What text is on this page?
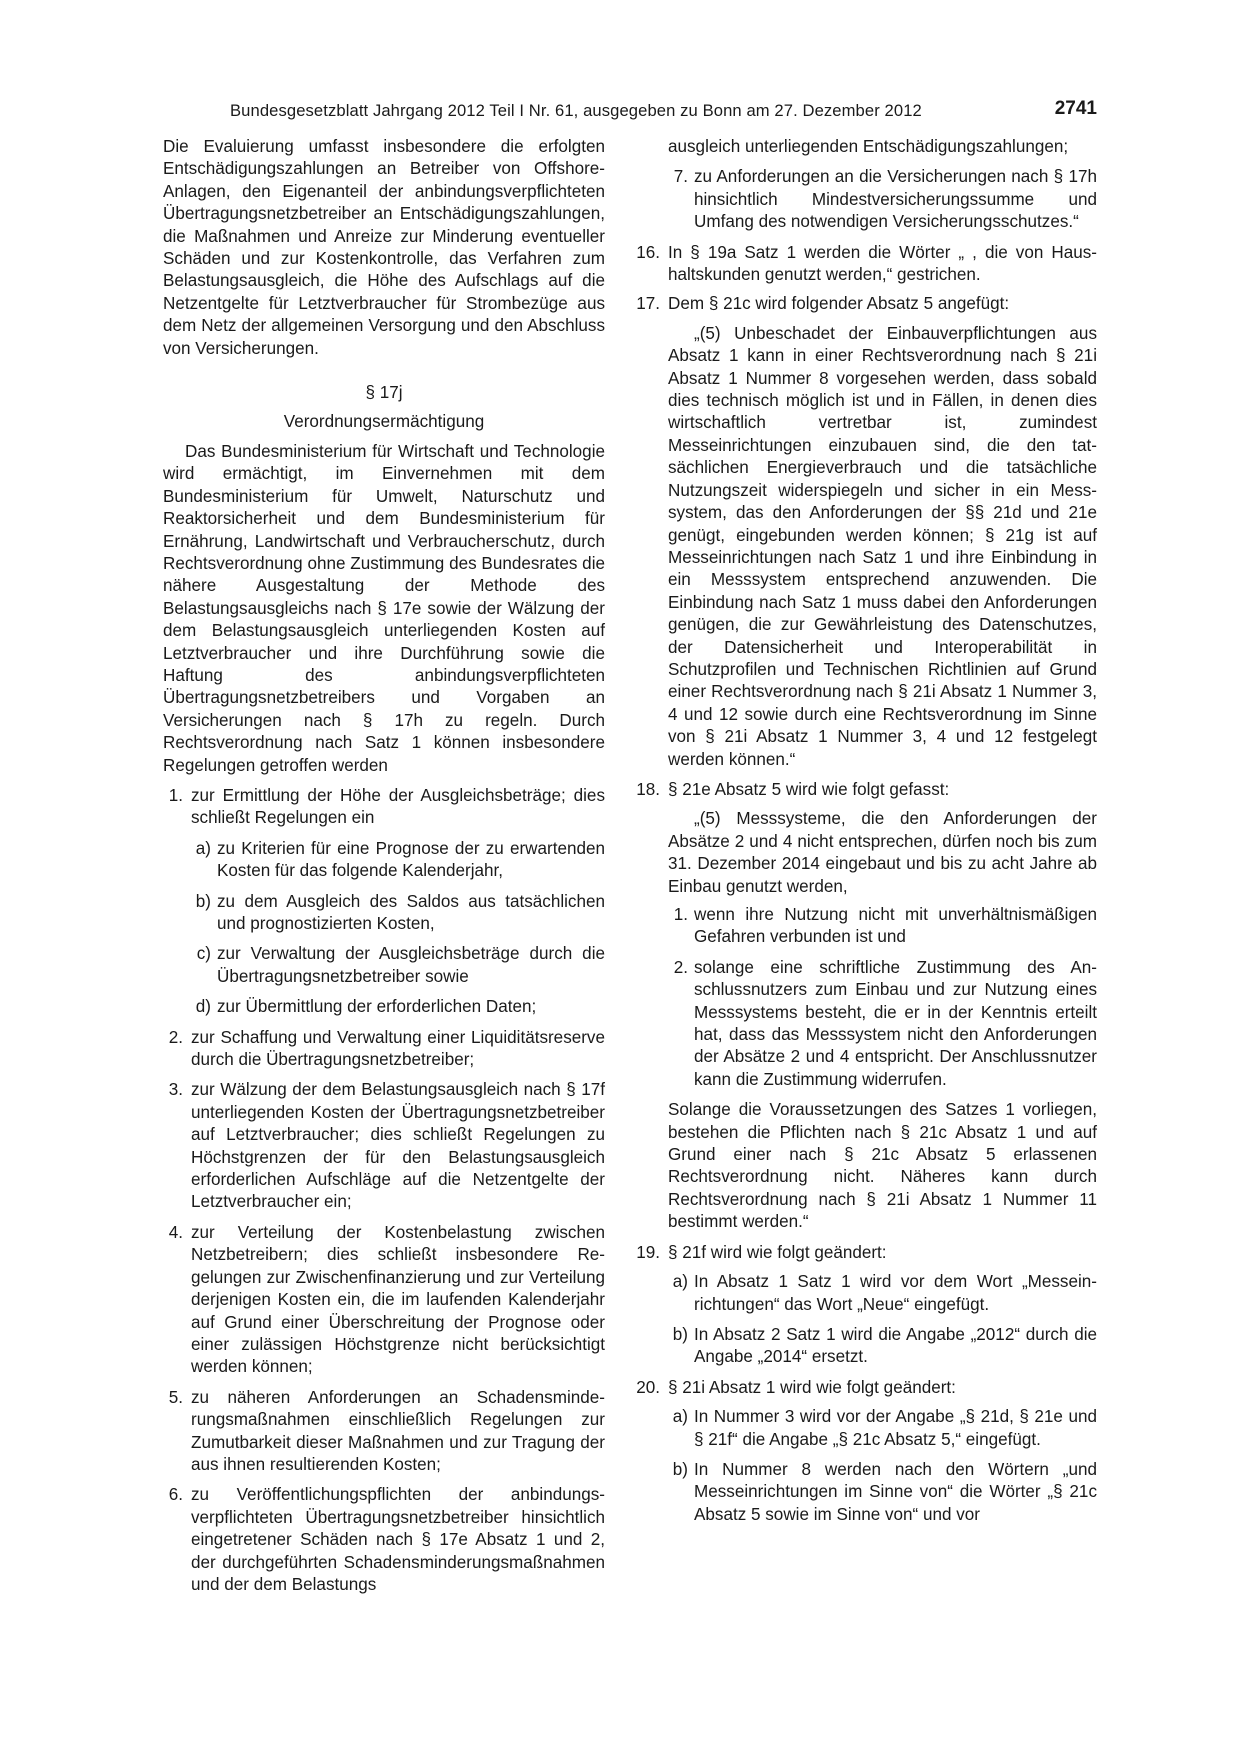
Bundesgesetzblatt Jahrgang 2012 Teil I Nr. 61, ausgegeben zu Bonn am 27. Dezember 2012	2741

Die Evaluierung umfasst insbesondere die erfolgten Entschädigungszahlungen an Betreiber von Offshore-Anlagen, den Eigenanteil der anbindungsverpflichteten Übertragungsnetzbetreiber an Entschädigungszahlungen, die Maßnahmen und Anreize zur Minderung eventueller Schäden und zur Kostenkontrolle, das Verfahren zum Belastungsausgleich, die Höhe des Aufschlags auf die Netzentgelte für Letztverbraucher für Strombezüge aus dem Netz der allgemeinen Versorgung und den Abschluss von Versicherungen.

§ 17j

Verordnungsermächtigung

Das Bundesministerium für Wirtschaft und Technologie wird ermächtigt, im Einvernehmen mit dem Bundesministerium für Umwelt, Naturschutz und Reaktorsicherheit und dem Bundesministerium für Ernährung, Landwirtschaft und Verbraucherschutz, durch Rechtsverordnung ohne Zustimmung des Bundesrates die nähere Ausgestaltung der Methode des Belastungsausgleichs nach § 17e sowie der Wälzung der dem Belastungsausgleich unterliegenden Kosten auf Letztverbraucher und ihre Durchführung sowie die Haftung des anbindungsverpflichteten Übertragungsnetzbetreibers und Vorgaben an Versicherungen nach § 17h zu regeln. Durch Rechtsverordnung nach Satz 1 können insbesondere Regelungen getroffen werden

1. zur Ermittlung der Höhe der Ausgleichsbeträge; dies schließt Regelungen ein
a) zu Kriterien für eine Prognose der zu erwartenden Kosten für das folgende Kalenderjahr,
b) zu dem Ausgleich des Saldos aus tatsächlichen und prognostizierten Kosten,
c) zur Verwaltung der Ausgleichsbeträge durch die Übertragungsnetzbetreiber sowie
d) zur Übermittlung der erforderlichen Daten;
2. zur Schaffung und Verwaltung einer Liquiditätsreserve durch die Übertragungsnetzbetreiber;
3. zur Wälzung der dem Belastungsausgleich nach § 17f unterliegenden Kosten der Übertragungsnetzbetreiber auf Letztverbraucher; dies schließt Regelungen zu Höchstgrenzen der für den Belastungsausgleich erforderlichen Aufschläge auf die Netzentgelte der Letztverbraucher ein;
4. zur Verteilung der Kostenbelastung zwischen Netzbetreibern; dies schließt insbesondere Regelungen zur Zwischenfinanzierung und zur Verteilung derjenigen Kosten ein, die im laufenden Kalenderjahr auf Grund einer Überschreitung der Prognose oder einer zulässigen Höchstgrenze nicht berücksichtigt werden können;
5. zu näheren Anforderungen an Schadensminderungsmaßnahmen einschließlich Regelungen zur Zumutbarkeit dieser Maßnahmen und zur Tragung der aus ihnen resultierenden Kosten;
6. zu Veröffentlichungspflichten der anbindungsverpflichteten Übertragungsnetzbetreiber hinsichtlich eingetretener Schäden nach § 17e Absatz 1 und 2, der durchgeführten Schadensminderungsmaßnahmen und der dem Belastungs

ausgleich unterliegenden Entschädigungszahlungen;

7. zu Anforderungen an die Versicherungen nach § 17h hinsichtlich Mindestversicherungssumme und Umfang des notwendigen Versicherungsschutzes.“
16. In § 19a Satz 1 werden die Wörter „ , die von Haushaltskunden genutzt werden,“ gestrichen.
17. Dem § 21c wird folgender Absatz 5 angefügt:

„(5) Unbeschadet der Einbauverpflichtungen aus Absatz 1 kann in einer Rechtsverordnung nach § 21i Absatz 1 Nummer 8 vorgesehen werden, dass sobald dies technisch möglich ist und in Fällen, in denen dies wirtschaftlich vertretbar ist, zumindest Messeinrichtungen einzubauen sind, die den tatsächlichen Energieverbrauch und die tatsächliche Nutzungszeit widerspiegeln und sicher in ein Messsystem, das den Anforderungen der §§ 21d und 21e genügt, eingebunden werden können; § 21g ist auf Messeinrichtungen nach Satz 1 und ihre Einbindung in ein Messsystem entsprechend anzuwenden. Die Einbindung nach Satz 1 muss dabei den Anforderungen genügen, die zur Gewährleistung des Datenschutzes, der Datensicherheit und Interoperabilität in Schutzprofilen und Technischen Richtlinien auf Grund einer Rechtsverordnung nach § 21i Absatz 1 Nummer 3, 4 und 12 sowie durch eine Rechtsverordnung im Sinne von § 21i Absatz 1 Nummer 3, 4 und 12 festgelegt werden können.“

18. § 21e Absatz 5 wird wie folgt gefasst:

„(5) Messsysteme, die den Anforderungen der Absätze 2 und 4 nicht entsprechen, dürfen noch bis zum 31. Dezember 2014 eingebaut und bis zu acht Jahre ab Einbau genutzt werden,

1. wenn ihre Nutzung nicht mit unverhältnismäßigen Gefahren verbunden ist und
2. solange eine schriftliche Zustimmung des Anschlussnutzers zum Einbau und zur Nutzung eines Messsystems besteht, die er in der Kenntnis erteilt hat, dass das Messsystem nicht den Anforderungen der Absätze 2 und 4 entspricht. Der Anschlussnutzer kann die Zustimmung widerrufen.

Solange die Voraussetzungen des Satzes 1 vorliegen, bestehen die Pflichten nach § 21c Absatz 1 und auf Grund einer nach § 21c Absatz 5 erlassenen Rechtsverordnung nicht. Näheres kann durch Rechtsverordnung nach § 21i Absatz 1 Nummer 11 bestimmt werden.“

19. § 21f wird wie folgt geändert:
a) In Absatz 1 Satz 1 wird vor dem Wort „Messeinrichtungen“ das Wort „Neue“ eingefügt.
b) In Absatz 2 Satz 1 wird die Angabe „2012“ durch die Angabe „2014“ ersetzt.
20. § 21i Absatz 1 wird wie folgt geändert:
a) In Nummer 3 wird vor der Angabe „§ 21d, § 21e und § 21f“ die Angabe „§ 21c Absatz 5,“ eingefügt.
b) In Nummer 8 werden nach den Wörtern „und Messeinrichtungen im Sinne von“ die Wörter „§ 21c Absatz 5 sowie im Sinne von“ und vor
